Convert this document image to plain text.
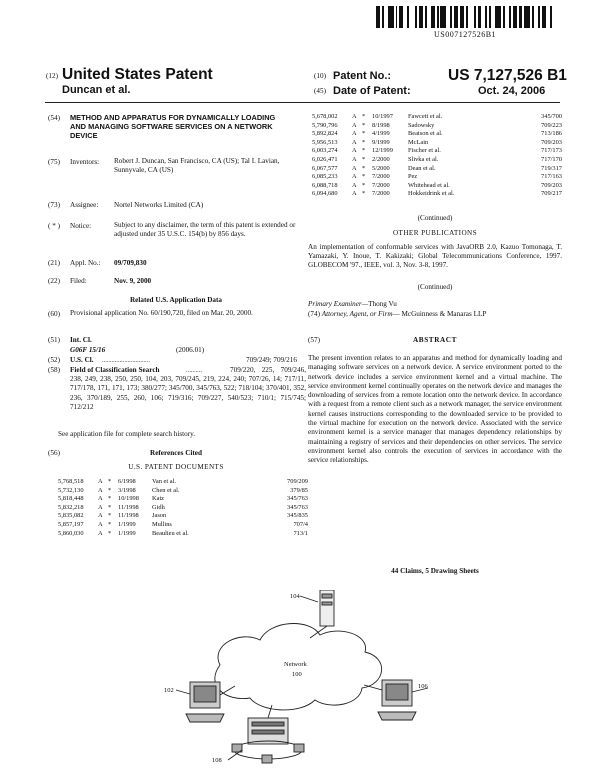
US007127526B1
(12) United States Patent
Duncan et al.
(10) Patent No.:	US 7,127,526 B1
(45) Date of Patent:	Oct. 24, 2006
(54) METHOD AND APPARATUS FOR DYNAMICALLY LOADING AND MANAGING SOFTWARE SERVICES ON A NETWORK DEVICE
(75) Inventors: Robert J. Duncan, San Francisco, CA (US); Tal I. Lavian, Sunnyvale, CA (US)
(73) Assignee: Nortel Networks Limited (CA)
( * ) Notice:	Subject to any disclaimer, the term of this patent is extended or adjusted under 35 U.S.C. 154(b) by 856 days.
(21) Appl. No.: 09/709,830
(22) Filed:	Nov. 9, 2000
Related U.S. Application Data
(60) Provisional application No. 60/190,720, filed on Mar. 20, 2000.
(51) Int. Cl.
G06F 15/16	(2006.01)
(52) U.S. Cl. ..............................	709/249; 709/216
(58) Field of Classification Search	..........	709/220, 225, 709/246, 238, 249, 238, 250, 250, 104, 203, 709/245, 219, 224, 240; 707/26, 14; 717/11, 717/178, 171, 171, 173; 380/277; 345/700, 345/763, 522; 718/104; 370/401, 352, 236, 370/189, 255, 260, 106; 719/316; 709/227, 540/523; 710/1; 715/745; 712/212
See application file for complete search history.
(56)	References Cited
U.S. PATENT DOCUMENTS
5,768,518	A *	6/1998	Van et al.	709/209
5,732,130	A *	3/1998	Chen et al.	379/85
5,818,448	A *	10/1998	Katz	345/763
5,832,218	A *	11/1998	Gidh	345/763
5,835,082	A *	11/1998	Jason	345/835
5,857,197	A *	1/1999	Mullins	707/4
5,860,030	A *	1/1999	Beaulieu et al.	713/1
5,678,002	A *	10/1997	Fawcett et al.	345/700
5,790,796	A *	8/1998	Sadowsky	709/223
5,892,824	A *	4/1999	Beatson et al.	713/186
5,956,513	A *	9/1999	McLain	709/203
6,003,274	A *	12/1999	Fischer et al.	717/173
6,026,471	A *	2/2000	Slivka et al.	717/170
6,067,577	A *	5/2000	Dean et al.	719/317
6,085,233	A *	7/2000	Pez	717/163
6,088,718	A *	7/2000	Whitehead et al.	709/203
6,094,680	A *	7/2000	Hokkeidrink et al.	709/217
(Continued)
OTHER PUBLICATIONS
An implementation of conformable services with JavaORB 2.0, Kazuo Tomonaga, T. Yamazaki, Y. Inoue, T. Kakizaki; Global Telecommunications Conference, 1997. GLOBECOM '97., IEEE, vol. 3, Nov. 3-8, 1997.
(Continued)
Primary Examiner—Thong Vu
(74) Attorney, Agent, or Firm— McGuinness & Manaras LLP
(57)	ABSTRACT
The present invention relates to an apparatus and method for dynamically loading and managing software services on a network device. A service environment ported to the network device includes a service environment kernel and a virtual machine. The service environment kernel continually operates on the network device and manages the downloading of services from a remote location onto the network device. In accordance with a request from a remote client such as a network manager, the service environment kernel causes instructions corresponding to the downloaded service to be provided to the virtual machine for execution on the network device. Associated with the service environment kernel is a service manager that manages dependency relationships by maintaining a registry of services and their dependencies on other services. The service environment kernel also controls the execution of services in accordance with the service relationships.
44 Claims, 5 Drawing Sheets
104
102
106
108
Network
100
